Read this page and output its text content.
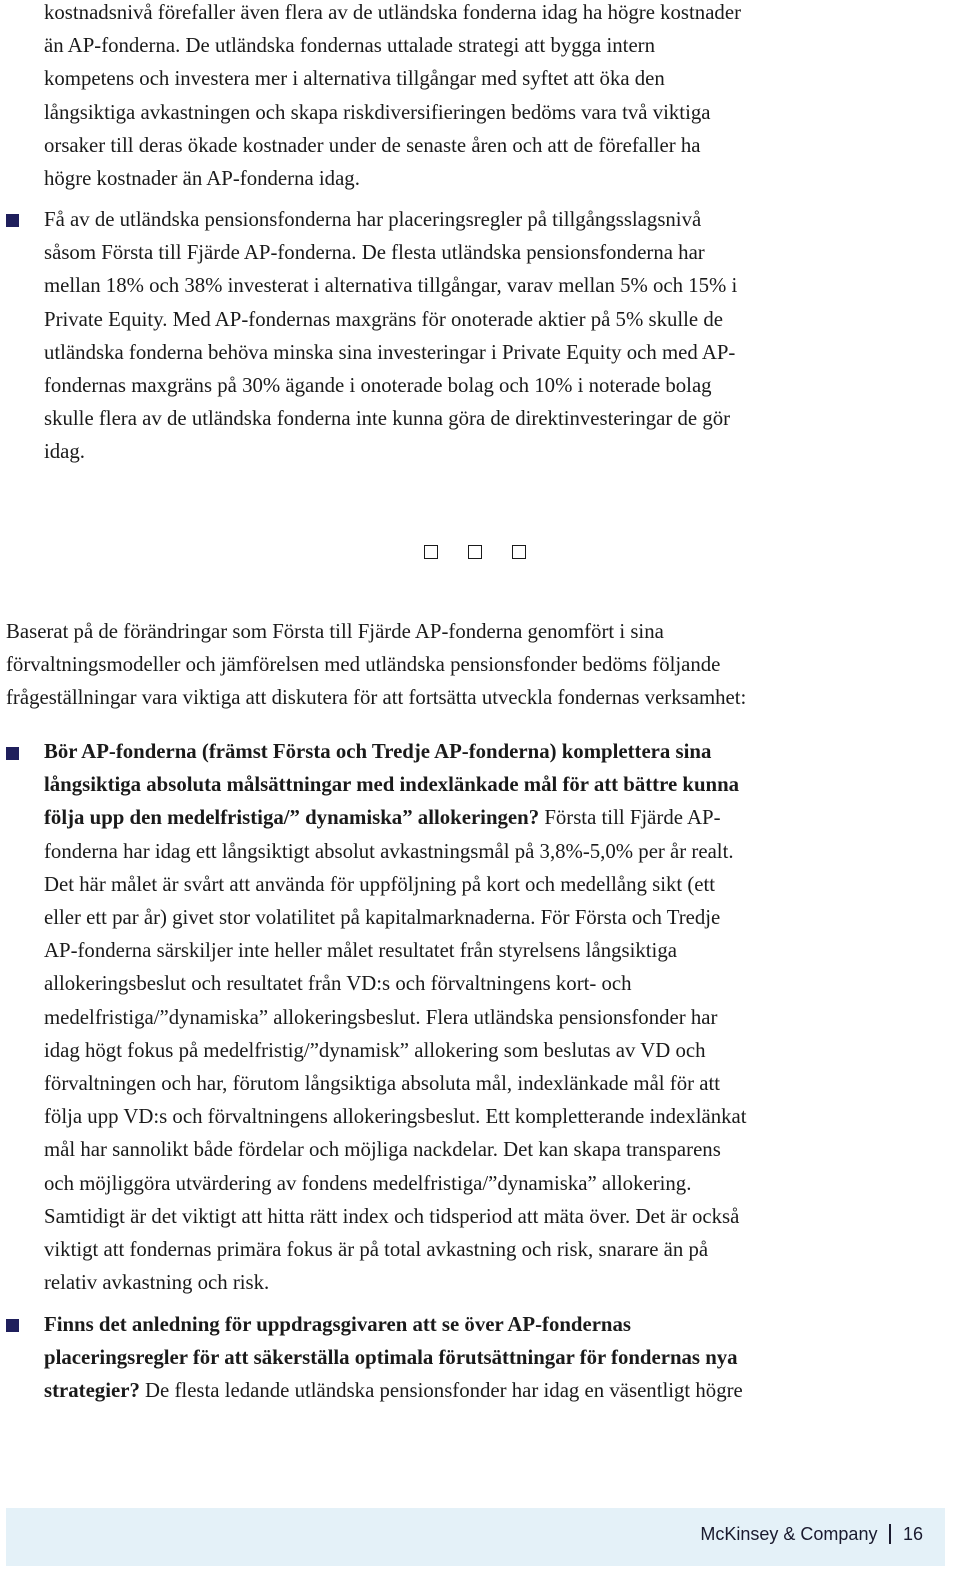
kostnadsnivå förefaller även flera av de utländska fonderna idag ha högre kostnader
än AP-fonderna. De utländska fondernas uttalade strategi att bygga intern
kompetens och investera mer i alternativa tillgångar med syftet att öka den
långsiktiga avkastningen och skapa riskdiversifieringen bedöms vara två viktiga
orsaker till deras ökade kostnader under de senaste åren och att de förefaller ha
högre kostnader än AP-fonderna idag.
Få av de utländska pensionsfonderna har placeringsregler på tillgångsslagsnivå
såsom Första till Fjärde AP-fonderna. De flesta utländska pensionsfonderna har
mellan 18% och 38% investerat i alternativa tillgångar, varav mellan 5% och 15% i
Private Equity. Med AP-fondernas maxgräns för onoterade aktier på 5% skulle de
utländska fonderna behöva minska sina investeringar i Private Equity och med AP-
fondernas maxgräns på 30% ägande i onoterade bolag och 10% i noterade bolag
skulle flera av de utländska fonderna inte kunna göra de direktinvesteringar de gör
idag.
Baserat på de förändringar som Första till Fjärde AP-fonderna genomfört i sina
förvaltningsmodeller och jämförelsen med utländska pensionsfonder bedöms följande
frågeställningar vara viktiga att diskutera för att fortsätta utveckla fondernas verksamhet:
Bör AP-fonderna (främst Första och Tredje AP-fonderna) komplettera sina
långsiktiga absoluta målsättningar med indexlänkade mål för att bättre kunna
följa upp den medelfristiga/” dynamiska” allokeringen? Första till Fjärde AP-
fonderna har idag ett långsiktigt absolut avkastningsmål på 3,8%-5,0% per år realt.
Det här målet är svårt att använda för uppföljning på kort och medellång sikt (ett
eller ett par år) givet stor volatilitet på kapitalmarknaderna. För Första och Tredje
AP-fonderna särskiljer inte heller målet resultatet från styrelsens långsiktiga
allokeringsbeslut och resultatet från VD:s och förvaltningens kort- och
medelfristiga/”dynamiska” allokeringsbeslut. Flera utländska pensionsfonder har
idag högt fokus på medelfristig/”dynamisk” allokering som beslutas av VD och
förvaltningen och har, förutom långsiktiga absoluta mål, indexlänkade mål för att
följa upp VD:s och förvaltningens allokeringsbeslut. Ett kompletterande indexlänkat
mål har sannolikt både fördelar och möjliga nackdelar. Det kan skapa transparens
och möjliggöra utvärdering av fondens medelfristiga/”dynamiska” allokering.
Samtidigt är det viktigt att hitta rätt index och tidsperiod att mäta över. Det är också
viktigt att fondernas primära fokus är på total avkastning och risk, snarare än på
relativ avkastning och risk.
Finns det anledning för uppdragsgivaren att se över AP-fondernas
placeringsregler för att säkerställa optimala förutsättningar för fondernas nya
strategier? De flesta ledande utländska pensionsfonder har idag en väsentligt högre
McKinsey & Company 16
